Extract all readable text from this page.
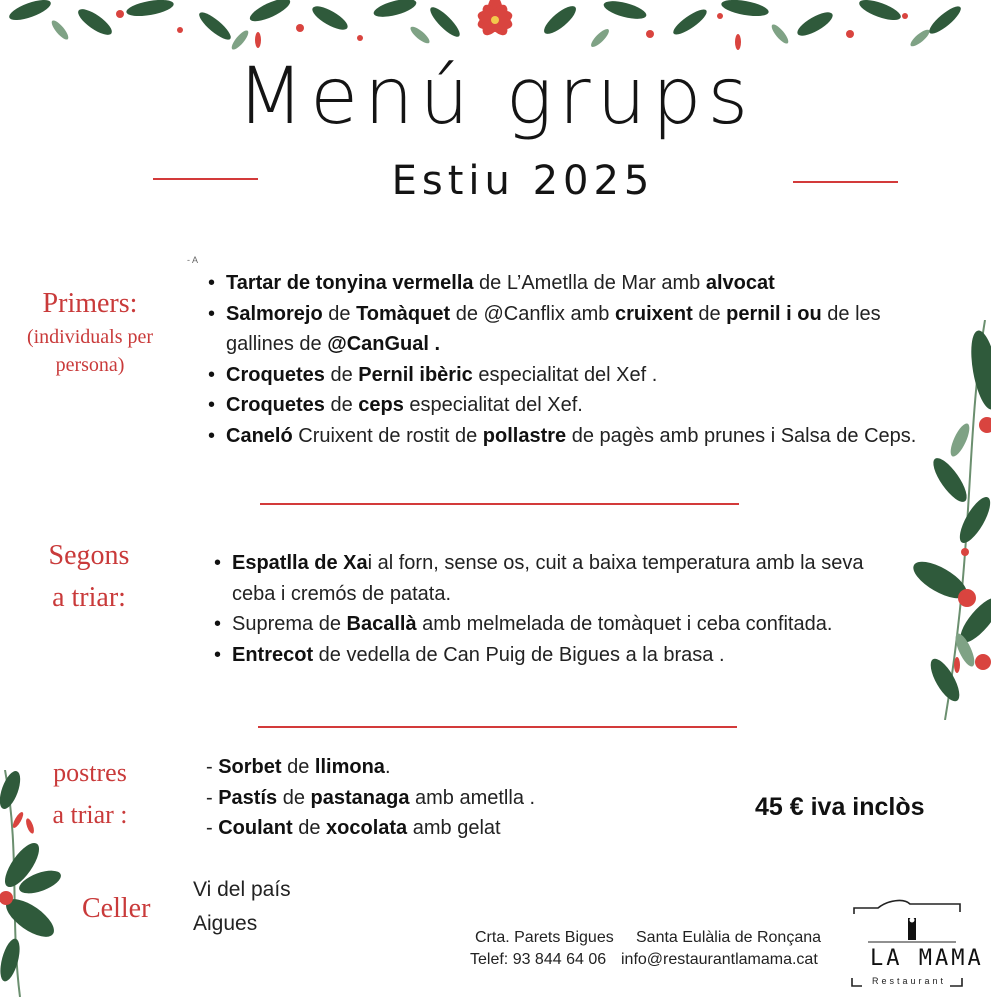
Menú grups
Estiu 2025
- A
Primers:
(individuals per
persona)
• Tartar de tonyina vermella de L’Ametlla de Mar amb alvocat
• Salmorejo de Tomàquet de @Canflix amb cruixent de pernil i ou de les gallines de @CanGual .
• Croquetes de Pernil ibèric especialitat del Xef .
• Croquetes de ceps especialitat del Xef.
• Caneló Cruixent de rostit de pollastre de pagès amb prunes i Salsa de Ceps.
Segons
a triar:
• Espatlla de Xai al forn, sense os, cuit a baixa temperatura amb la seva ceba i cremós de patata.
• Suprema de Bacallà amb melmelada de tomàquet i ceba confitada.
• Entrecot de vedella de Can Puig de Bigues a la brasa .
postres
a triar :
- Sorbet de llimona.
- Pastís de pastanaga amb ametlla .
- Coulant de xocolata amb gelat
45 € iva inclòs
Celler
Vi del país
Aigues
Crta. Parets Bigues Santa Eulàlia de Ronçana
Telef: 93 844 64 06 info@restaurantlamama.cat LA MAMA
Restaurant
